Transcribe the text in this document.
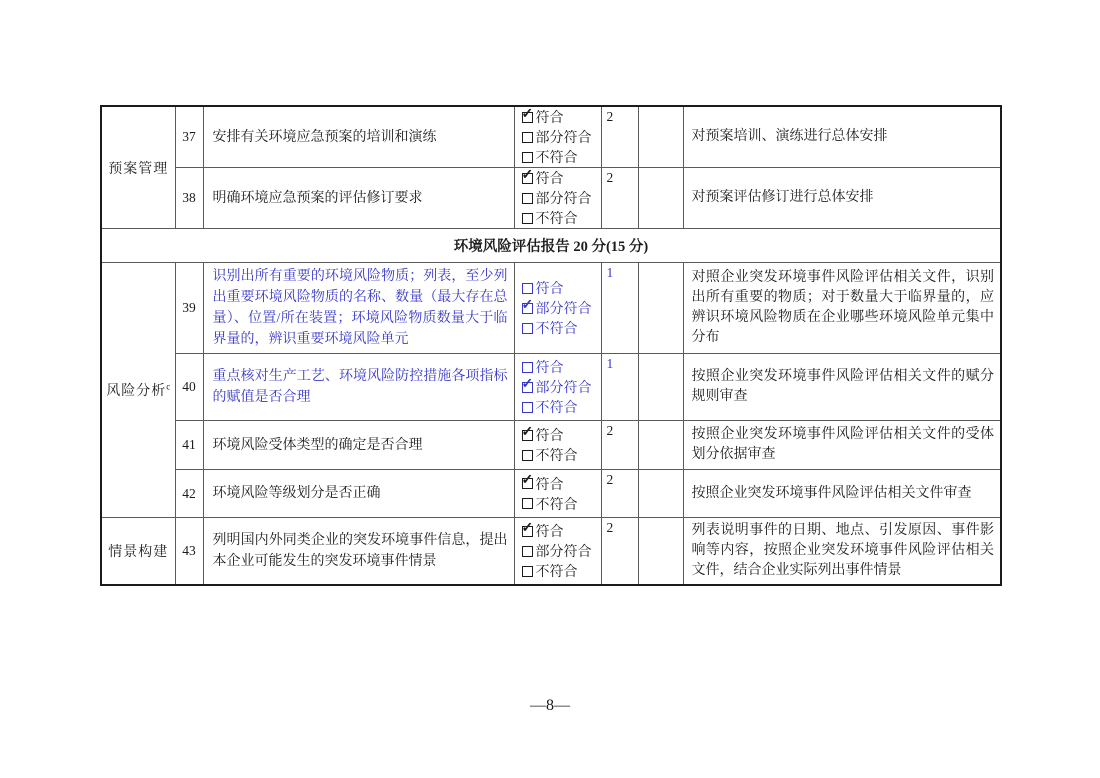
预案管理	37	安排有关环境应急预案的培训和演练	
✓
符合
部分符合
不符合	2		对预案培训、演练进行总体安排
	38	明确环境应急预案的评估修订要求	
✓
符合
部分符合
不符合	2		对预案评估修订进行总体安排
环境风险评估报告 20 分(15 分)						
风险分析$^c$	39	识别出所有重要的环境风险物质；列表，至少列出重要环境风险物质的名称、数量（最大存在总量）、位置/所在装置；环境风险物质数量大于临界量的，辨识重要环境风险单元	符合
✓
部分符合
不符合	1		对照企业突发环境事件风险评估相关文件，识别出所有重要的物质；对于数量大于临界量的，应辨识环境风险物质在企业哪些环境风险单元集中分布
	40	重点核对生产工艺、环境风险防控措施各项指标的赋值是否合理	符合
✓
部分符合
不符合	1		按照企业突发环境事件风险评估相关文件的赋分规则审查
	41	环境风险受体类型的确定是否合理	
✓
符合
不符合	2		按照企业突发环境事件风险评估相关文件的受体划分依据审查
	42	环境风险等级划分是否正确	
✓
符合
不符合	2		按照企业突发环境事件风险评估相关文件审查
情景构建	43	列明国内外同类企业的突发环境事件信息，提出本企业可能发生的突发环境事件情景	
✓
符合
部分符合
不符合	2		列表说明事件的日期、地点、引发原因、事件影响等内容，按照企业突发环境事件风险评估相关文件，结合企业实际列出事件情景
—8—
